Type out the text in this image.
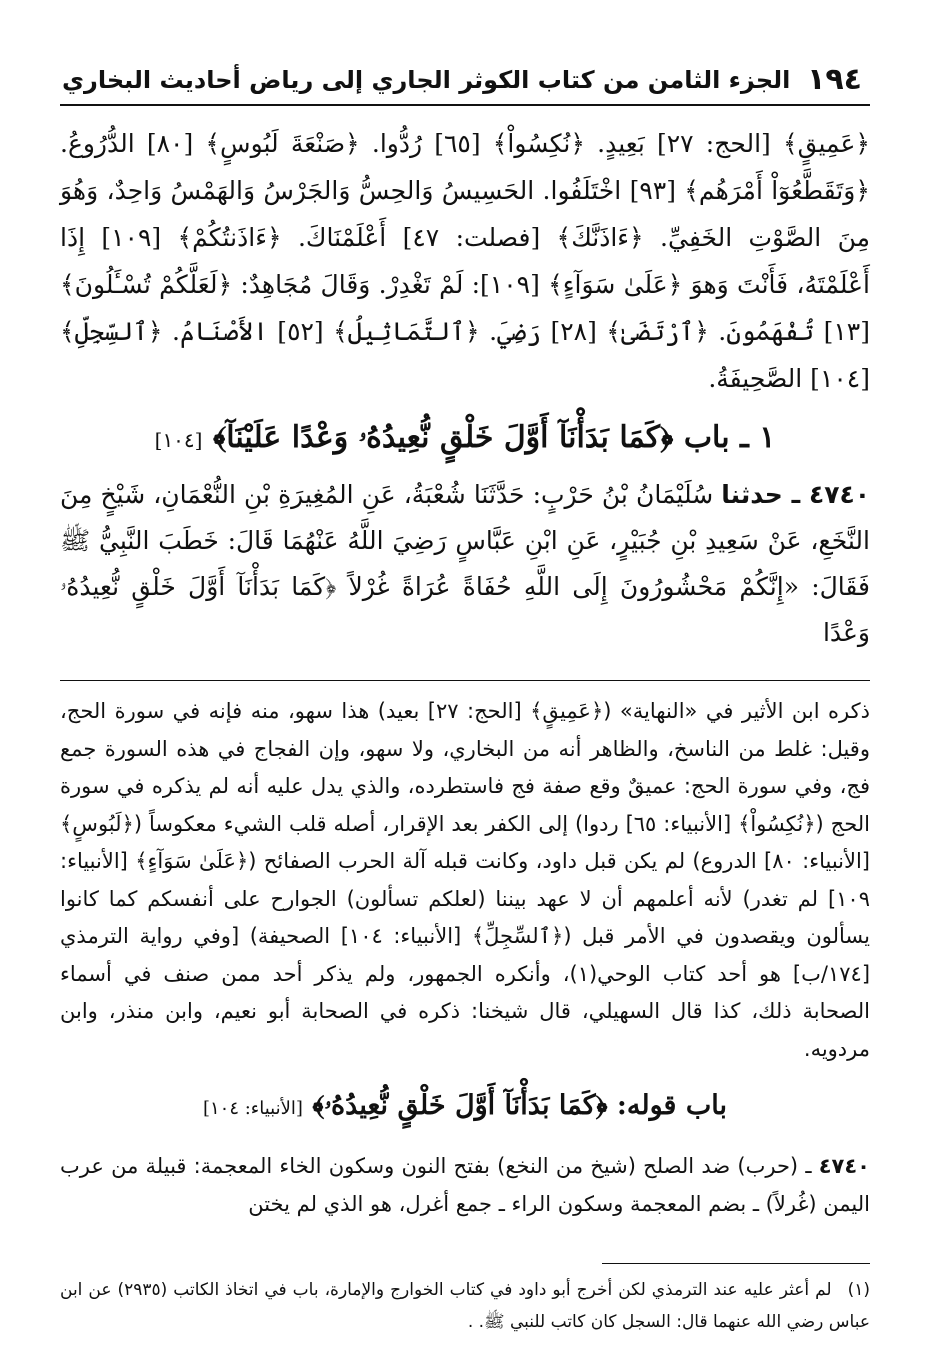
١٩٤
الجزء الثامن من كتاب الكوثر الجاري إلى رياض أحاديث البخاري

﴿عَمِيقٍ﴾ [الحج: ٢٧] بَعِيدٍ. ﴿نُكِسُواْ﴾ [٦٥] رُدُّوا. ﴿صَنْعَةَ لَبُوسٍ﴾ [٨٠] الدُّرُوعُ. ﴿وَتَقَطَّعُوٓاْ أَمْرَهُم﴾ [٩٣] اخْتَلَفُوا. الحَسِيسُ وَالحِسُّ وَالجَرْسُ وَالهَمْسُ وَاحِدٌ، وَهُوَ مِنَ الصَّوْتِ الخَفِيِّ. ﴿ءَاذَنَّكَ﴾ [فصلت: ٤٧] أَعْلَمْنَاكَ. ﴿ءَاذَنتُكُمْ﴾ [١٠٩] إِذَا أَعْلَمْتَهُ، فَأَنْتَ وَهوَ ﴿عَلَىٰ سَوَآءٍ﴾ [١٠٩]: لَمْ تَغْدِرْ. وَقَالَ مُجَاهِدٌ: ﴿لَعَلَّكُمْ تُسْـَٔلُونَ﴾ [١٣] تُفْهَمُونَ. ﴿ٱرْتَضَىٰ﴾ [٢٨] رَضِيَ. ﴿ٱلتَّمَاثِيلُ﴾ [٥٢] الأَصْنَامُ. ﴿ٱلسِّجِلِّ﴾ [١٠٤] الصَّحِيفَةُ.

١ ـ باب ﴿كَمَا بَدَأْنَآ أَوَّلَ خَلْقٍ نُّعِيدُهُۥ وَعْدًا عَلَيْنَآ﴾ [١٠٤]
٤٧٤٠ ـ حدثنا سُلَيْمَانُ بْنُ حَرْبٍ: حَدَّثَنَا شُعْبَةُ، عَنِ المُغِيرَةِ بْنِ النُّعْمَانِ، شَيْخٍ مِنَ النَّخَعِ، عَنْ سَعِيدِ بْنِ جُبَيْرٍ، عَنِ ابْنِ عَبَّاسٍ رَضِيَ اللَّهُ عَنْهُمَا قَالَ: خَطَبَ النَّبِيُّ ﷺ فَقَالَ: «إِنَّكُمْ مَحْشُورُونَ إِلَى اللَّهِ حُفَاةً عُرَاةً غُرْلاً ﴿كَمَا بَدَأْنَآ أَوَّلَ خَلْقٍ نُّعِيدُهُۥ وَعْدًا

ذكره ابن الأثير في «النهاية» (﴿عَمِيقٍ﴾ [الحج: ٢٧] بعيد) هذا سهو، منه فإنه في سورة الحج، وقيل: غلط من الناسخ، والظاهر أنه من البخاري، ولا سهو، وإن الفجاج في هذه السورة جمع فج، وفي سورة الحج: عميقٌ وقع صفة فج فاستطرده، والذي يدل عليه أنه لم يذكره في سورة الحج (﴿نُكِسُواْ﴾ [الأنبياء: ٦٥] ردوا) إلى الكفر بعد الإقرار، أصله قلب الشيء معكوساً (﴿لَبُوسٍ﴾ [الأنبياء: ٨٠] الدروع) لم يكن قبل داود، وكانت قبله آلة الحرب الصفائح (﴿عَلَىٰ سَوَآءٍ﴾ [الأنبياء: ١٠٩] لم تغدر) لأنه أعلمهم أن لا عهد بيننا (لعلكم تسألون) الجوارح على أنفسكم كما كانوا يسألون ويقصدون في الأمر قبل (﴿ٱلسِّجِلِّ﴾ [الأنبياء: ١٠٤] الصحيفة) [وفي رواية الترمذي [١٧٤/ب] هو أحد كتاب الوحي(١)، وأنكره الجمهور، ولم يذكر أحد ممن صنف في أسماء الصحابة ذلك، كذا قال السهيلي، قال شيخنا: ذكره في الصحابة أبو نعيم، وابن منذر، وابن مردويه.

باب قوله: ﴿كَمَا بَدَأْنَآ أَوَّلَ خَلْقٍ نُّعِيدُهُۥ﴾ [الأنبياء: ١٠٤]
٤٧٤٠ ـ (حرب) ضد الصلح (شيخ من النخع) بفتح النون وسكون الخاء المعجمة: قبيلة من عرب اليمن (غُرلاً) ـ بضم المعجمة وسكون الراء ـ جمع أغرل، هو الذي لم يختن
(١) لم أعثر عليه عند الترمذي لكن أخرج أبو داود في كتاب الخوارج والإمارة، باب في اتخاذ الكاتب (٢٩٣٥) عن ابن عباس رضي الله عنهما قال: السجل كان كاتب للنبي ﷺ. .
